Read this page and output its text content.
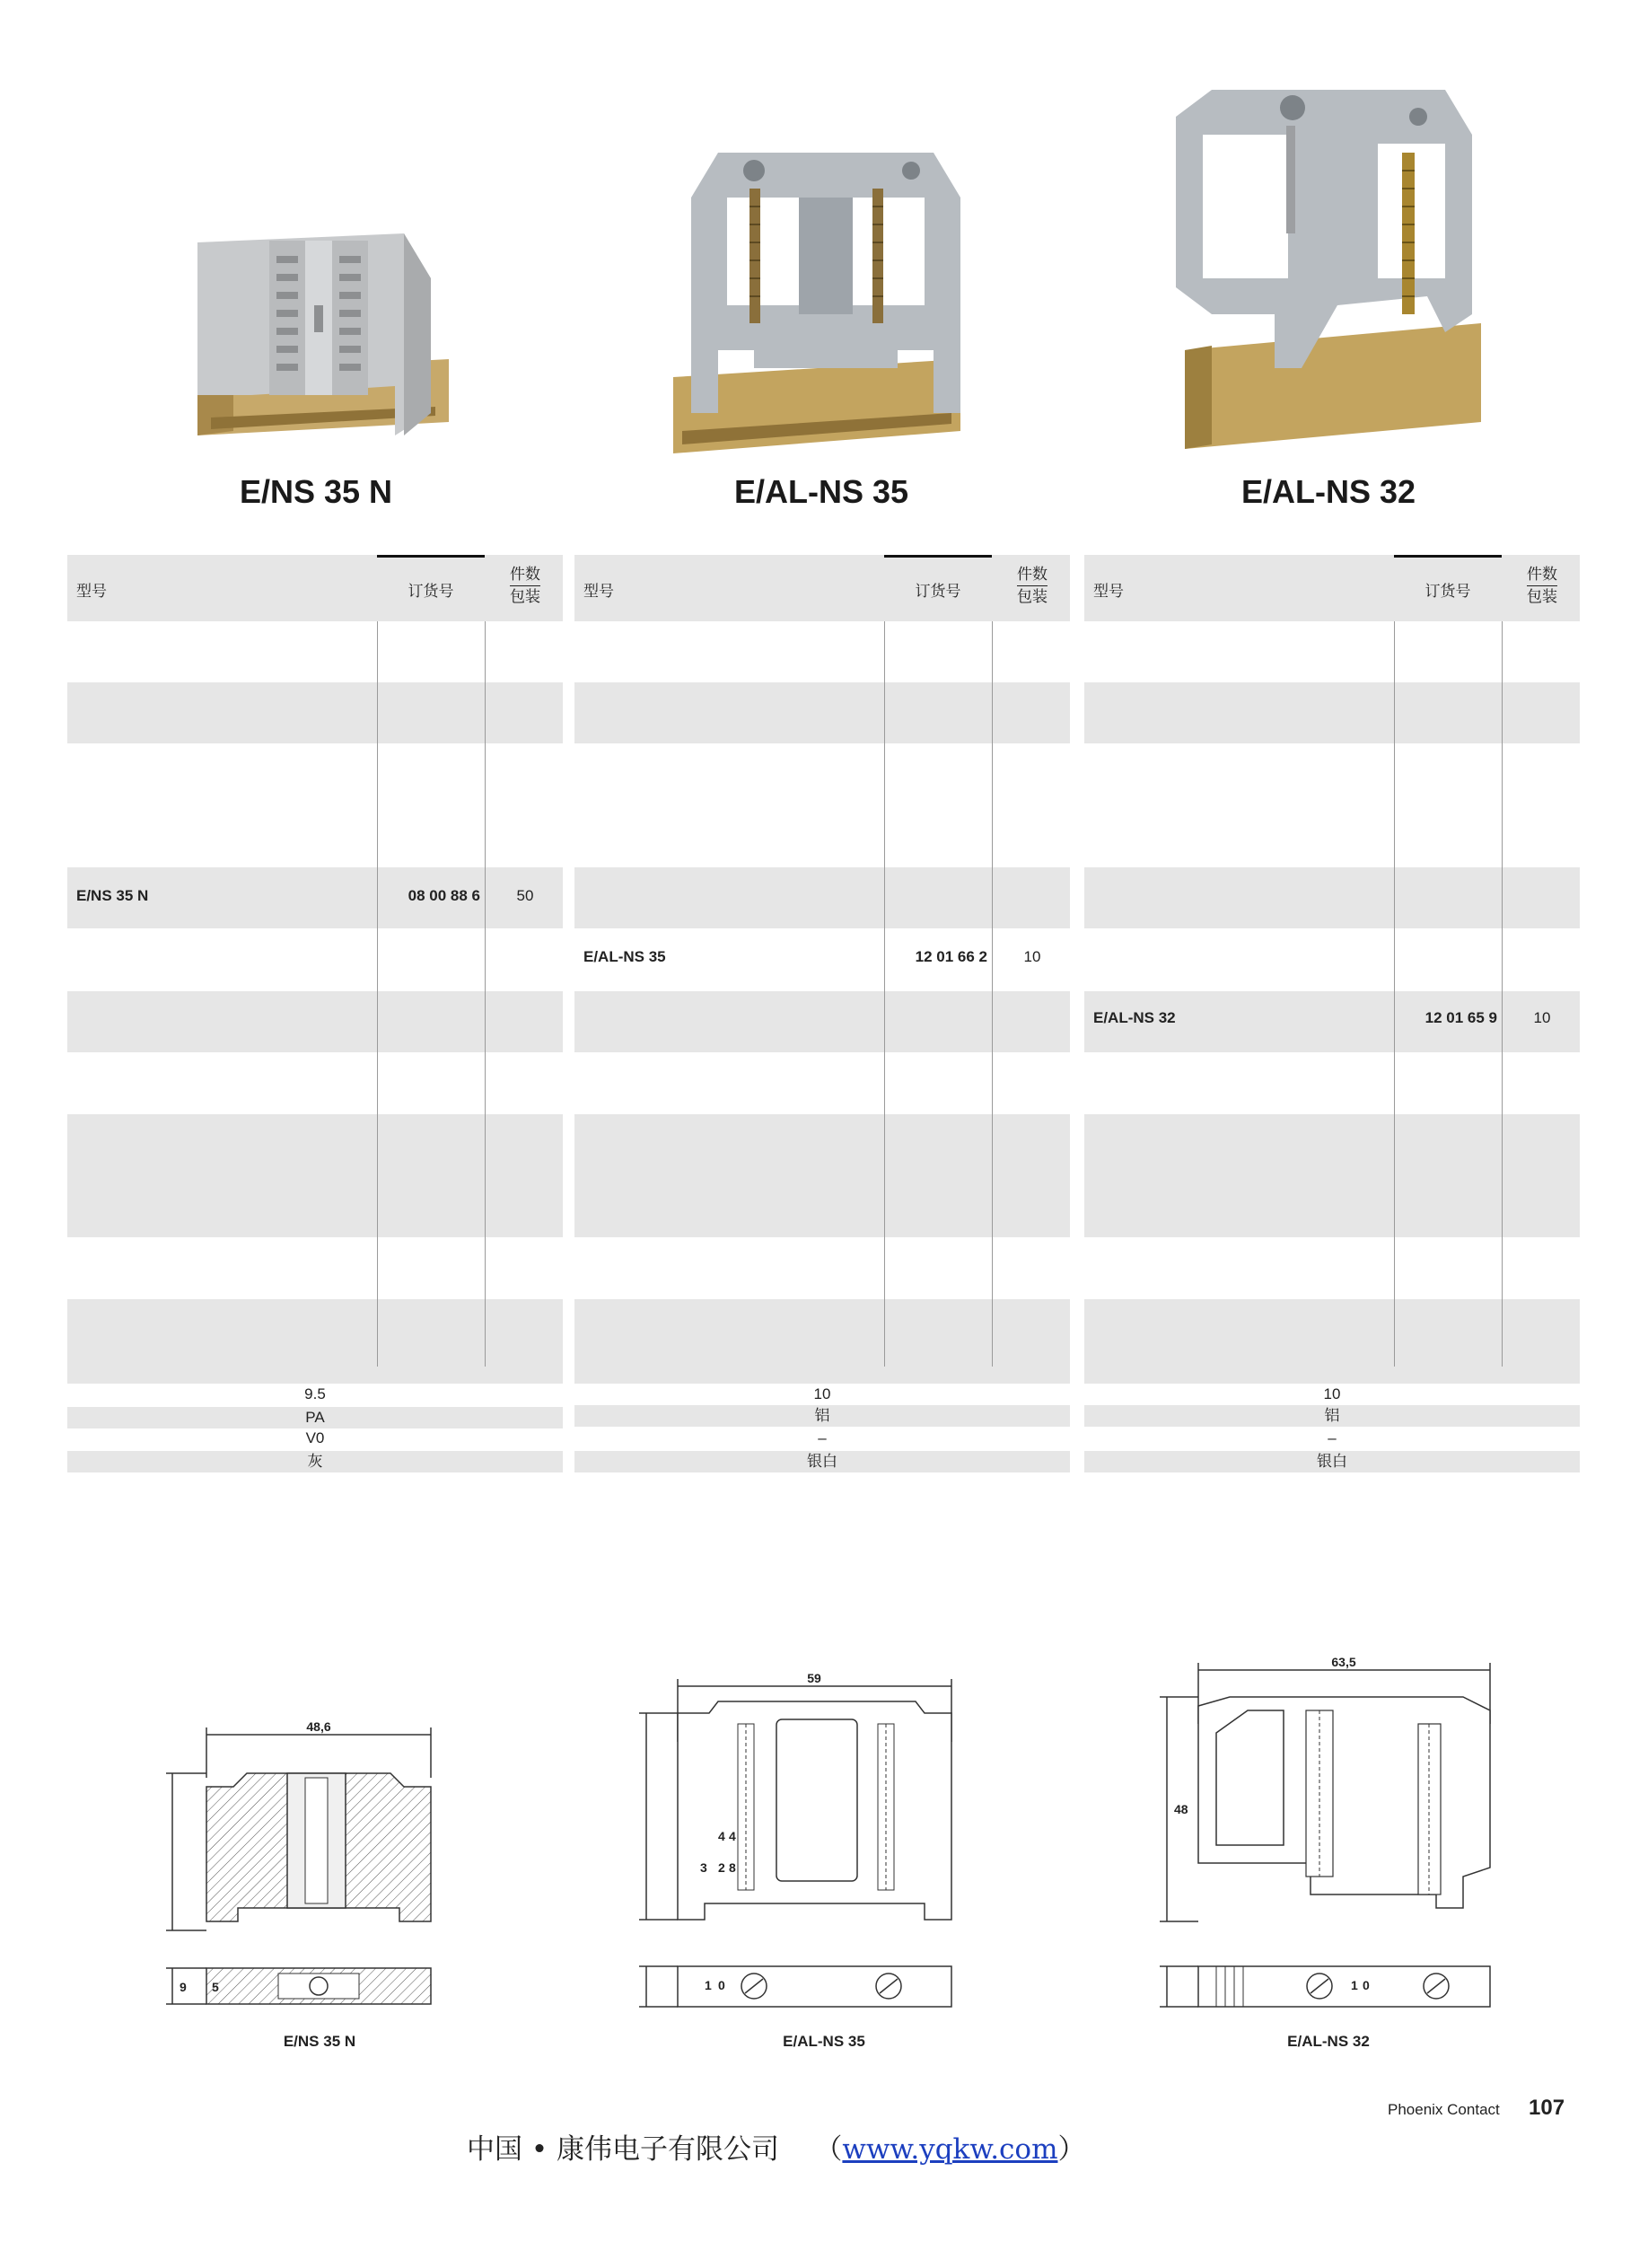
E/NS 35 N	E/AL-NS 35	E/AL-NS 32
型号	订货号
件数
包装
E/NS 35 N	08 00 88 6	50
9.5
PA
V0
灰
型号	订货号
件数
包装
E/AL-NS 35	12 01 66 2	10
10
铝
–
银白
型号	订货号
件数
包装
E/AL-NS 32	12 01 65 9	10
10
铝
–
银白
48,6
9 5
E/NS 35 N
59
3 2
4 4
8
1 0
E/AL-NS 35
63,5
48
1 0
E/AL-NS 32
Phoenix Contact 107
中国 • 康伟电子有限公司 （www.yqkw.com）
